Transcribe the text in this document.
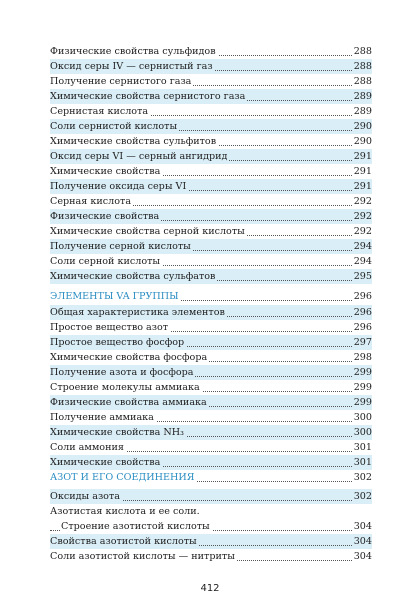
Физические свойства сульфидов	288
Оксид серы IV — сернистый газ	288
Получение сернистого газа	288
Химические свойства сернистого газа	289
Сернистая кислота	289
Соли сернистой кислоты	290
Химические свойства сульфитов	290
Оксид серы VI — серный ангидрид	291
Химические свойства	291
Получение оксида серы VI	291
Серная кислота	292
Физические свойства	292
Химические свойства серной кислоты	292
Получение серной кислоты	294
Соли серной кислоты	294
Химические свойства сульфатов	295
ЭЛЕМЕНТЫ VA ГРУППЫ	296
Общая характеристика элементов	296
Простое вещество азот	296
Простое вещество фосфор	297
Химические свойства фосфора	298
Получение азота и фосфора	299
Строение молекулы аммиака	299
Физические свойства аммиака	299
Получение аммиака	300
Химические свойства NH₃	300
Соли аммония	301
Химические свойства	301
АЗОТ И ЕГО СОЕДИНЕНИЯ	302
Оксиды азота	302
Азотистая кислота и ее соли.
Строение азотистой кислоты	304
Свойства азотистой кислоты	304
Соли азотистой кислоты — нитриты	304
412
